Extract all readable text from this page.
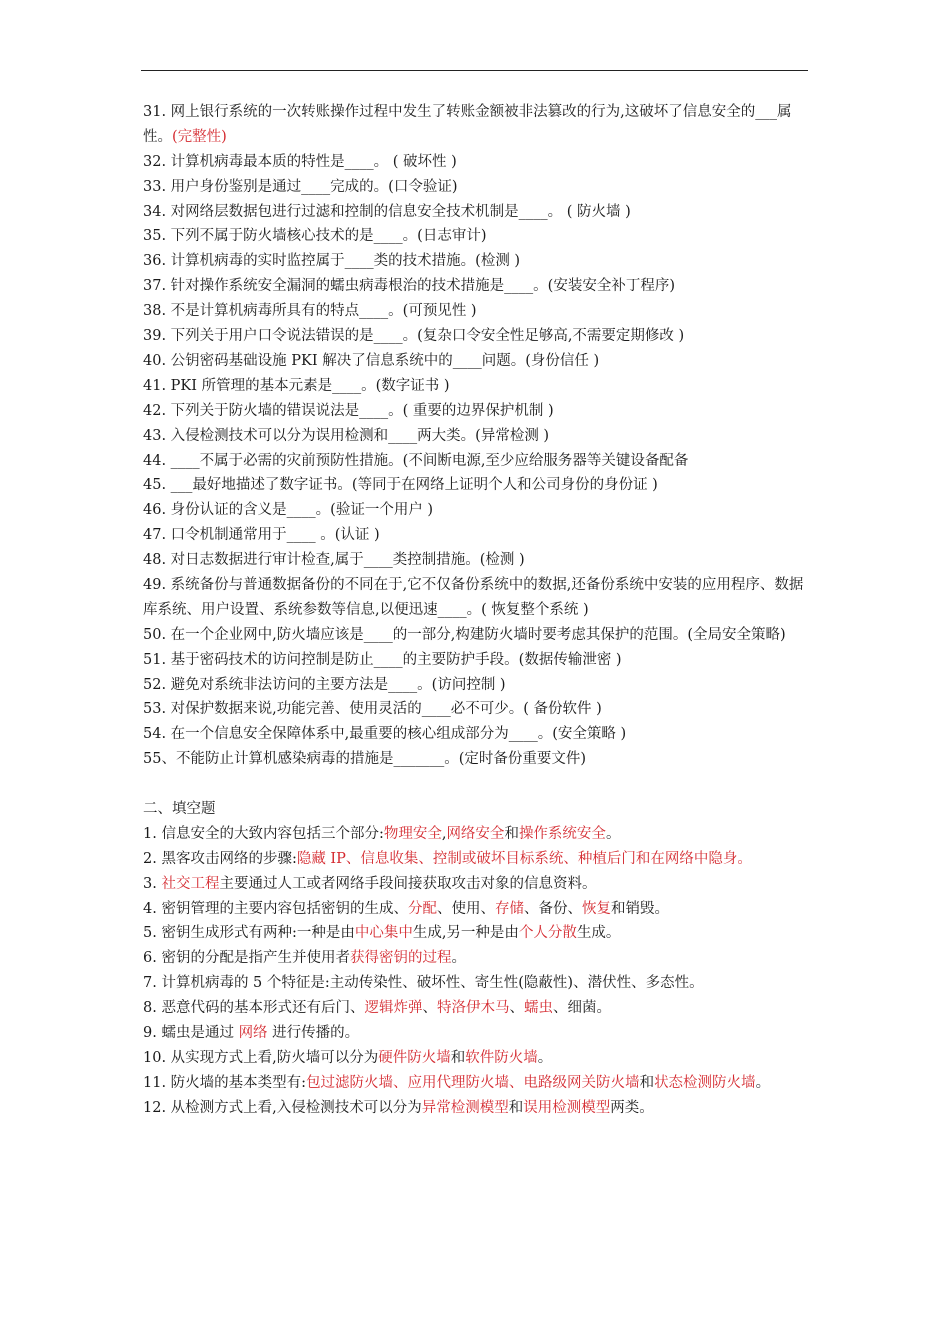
31. 网上银行系统的一次转账操作过程中发生了转账金额被非法篡改的行为,这破坏了信息安全的___属性。(完整性)
32. 计算机病毒最本质的特性是____。 ( 破坏性 )
33. 用户身份鉴别是通过____完成的。(口令验证)
34. 对网络层数据包进行过滤和控制的信息安全技术机制是____。 ( 防火墙 )
35. 下列不属于防火墙核心技术的是____。(日志审计)
36. 计算机病毒的实时监控属于____类的技术措施。(检测 )
37. 针对操作系统安全漏洞的蠕虫病毒根治的技术措施是____。(安装安全补丁程序)
38. 不是计算机病毒所具有的特点____。(可预见性 )
39. 下列关于用户口令说法错误的是____。(复杂口令安全性足够高,不需要定期修改 )
40. 公钥密码基础设施 PKI 解决了信息系统中的____问题。(身份信任 )
41. PKI 所管理的基本元素是____。(数字证书 )
42. 下列关于防火墙的错误说法是____。( 重要的边界保护机制 )
43. 入侵检测技术可以分为误用检测和____两大类。(异常检测 )
44. ____不属于必需的灾前预防性措施。(不间断电源,至少应给服务器等关键设备配备
45. ___最好地描述了数字证书。(等同于在网络上证明个人和公司身份的身份证 )
46. 身份认证的含义是____。(验证一个用户 )
47. 口令机制通常用于____ 。(认证 )
48. 对日志数据进行审计检查,属于____类控制措施。(检测 )
49. 系统备份与普通数据备份的不同在于,它不仅备份系统中的数据,还备份系统中安装的应用程序、数据库系统、用户设置、系统参数等信息,以便迅速____。( 恢复整个系统 )
50. 在一个企业网中,防火墙应该是____的一部分,构建防火墙时要考虑其保护的范围。(全局安全策略)
51. 基于密码技术的访问控制是防止____的主要防护手段。(数据传输泄密 )
52. 避免对系统非法访问的主要方法是____。(访问控制 )
53. 对保护数据来说,功能完善、使用灵活的____必不可少。( 备份软件 )
54. 在一个信息安全保障体系中,最重要的核心组成部分为____。(安全策略 )
55、不能防止计算机感染病毒的措施是_______。(定时备份重要文件)
二、填空题
1. 信息安全的大致内容包括三个部分:物理安全,网络安全和操作系统安全。
2. 黑客攻击网络的步骤:隐藏 IP、信息收集、控制或破坏目标系统、种植后门和在网络中隐身。
3. 社交工程主要通过人工或者网络手段间接获取攻击对象的信息资料。
4. 密钥管理的主要内容包括密钥的生成、分配、使用、存储、备份、恢复和销毁。
5. 密钥生成形式有两种:一种是由中心集中生成,另一种是由个人分散生成。
6. 密钥的分配是指产生并使用者获得密钥的过程。
7. 计算机病毒的 5 个特征是:主动传染性、破坏性、寄生性(隐蔽性)、潜伏性、多态性。
8. 恶意代码的基本形式还有后门、逻辑炸弹、特洛伊木马、蠕虫、细菌。
9. 蠕虫是通过 网络 进行传播的。
10. 从实现方式上看,防火墙可以分为硬件防火墙和软件防火墙。
11. 防火墙的基本类型有:包过滤防火墙、应用代理防火墙、电路级网关防火墙和状态检测防火墙。
12. 从检测方式上看,入侵检测技术可以分为异常检测模型和误用检测模型两类。
